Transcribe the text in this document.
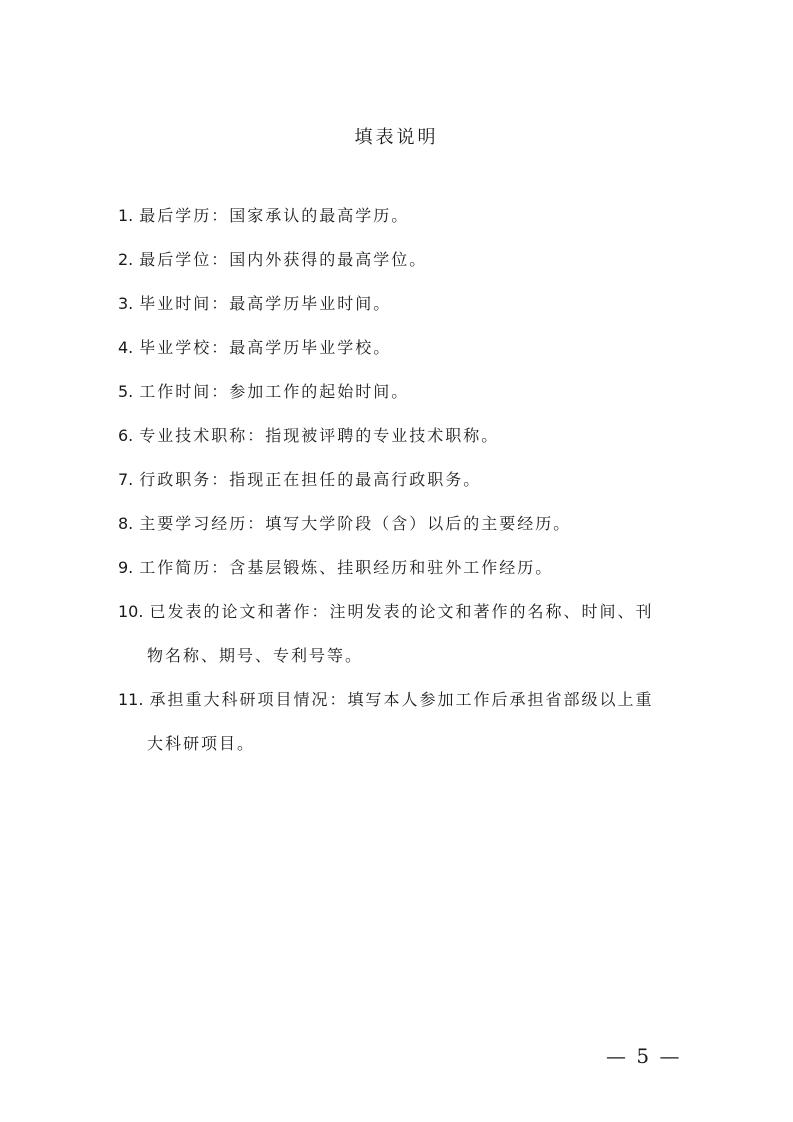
填表说明
1. 最后学历：国家承认的最高学历。
2. 最后学位：国内外获得的最高学位。
3. 毕业时间：最高学历毕业时间。
4. 毕业学校：最高学历毕业学校。
5. 工作时间：参加工作的起始时间。
6. 专业技术职称：指现被评聘的专业技术职称。
7. 行政职务：指现正在担任的最高行政职务。
8. 主要学习经历：填写大学阶段（含）以后的主要经历。
9. 工作简历：含基层锻炼、挂职经历和驻外工作经历。
10. 已发表的论文和著作：注明发表的论文和著作的名称、时间、刊
物名称、期号、专利号等。
11. 承担重大科研项目情况：填写本人参加工作后承担省部级以上重
大科研项目。
— 5 —
